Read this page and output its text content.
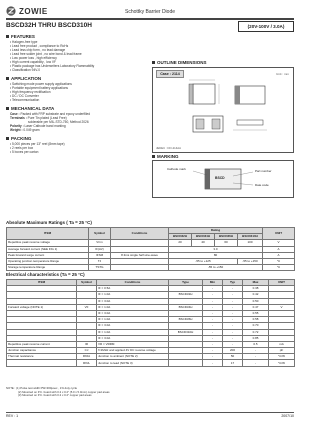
ZOWIE	Schottky Barrier Diode
BSCD32H THRU BSCD310H	(20V-100V / 3.0A)
FEATURES
• Halogen-free type
• Lead free product , compliance to RoHs
• Lead less chip form , no lead damage
• Lead free solder joint , no wire bond & lead frame
• Low power loss , high efficiency
• High current capability , low VF
• Plastic package has Underwriters Laboratory Flammability
• Classification 94V-0
APPLICATION
• Switching mode power supply applications
• Portable equipment battery applications
• High frequency rectification
• DC / DC Converter
• Telecommunication
MECHANICAL DATA
Case : Packed with FRP substrate and epoxy underfilled
Terminals : Pure Tin plated (Lead Free)
solderable per MIL-STD-750, Method 2026
Polarity : Laser Cathode band marking
Weight : 0.049 gram
PACKING
• 5,000 pieces per 13" reel (8mm tape)
• 2 reels per box
• 5 boxes per carton
OUTLINE DIMENSIONS
Case : 2114	Unit : mm
JEDEC : DO-214AA
MARKING
Cathode mark
BSCD
Part number
Date code
Absolute Maximum Ratings ( Ta = 25 °C)
ITEM	Symbol	Conditions	Rating				UNIT
			BSCD32H	BSCD34H	BSCD36H	BSCD310H	
Repetitive peak reverse voltage	Vrrm		20	40	60	100	V
Average forward current (SEE FIG 1)	IF(AV)		3.0				A
Peak forward surge current	IFSM	8.3ms single half sine-wave	80				A
Operating junction temperature Range	TJ		-55 to +125			-55 to +150	°C
Storage temperature Range	TSTG		-55 to +150				°C
Electrical characteristics (Ta = 25 °C)
ITEM	Symbol	Conditions	Type	Min	Typ	Max	UNIT
		IF = 0.5A		-	-	0.38	
		IF = 1.0A	BSCD32H	-	-	0.42	
		IF = 3.0A		-	-	0.50	
Forward voltage (NOTE 1)	VF	IF = 1.0A	BSCD34H	-	-	0.47	V
		IF = 3.0A		-	-	0.55	
		IF = 1.0A	BSCD36H	-	-	0.58	
		IF = 3.0A		-	-	0.70	
		IF = 1.0A	BSCD310H	-	-	0.72	
		IF = 3.0A		-	-	0.85	
Repetitive peak reverse current	IR	VR = VRRM		-	-	0.5	mA
Junction capacitance	CJ	f=1MHz and applied 4V DC reverse voltage		-	200	-	pF
Thermal resistance	RθJA	Junction to ambient (NOTE 2)		-	50	-	°C/W
	RθJL	Junction to lead (NOTE 3)		-	17	-	°C/W
NOTE : (1) Pulse test width PW=300μsec , 1% duty cycle
(2) Mounted on P.C. board with 0.2 x 0.2" (5.0 x 5.0mm) copper pad areas
(3) Mounted on P.C. board with 0.2 x 0.2" copper pad areas
REV : 1	2007/10
